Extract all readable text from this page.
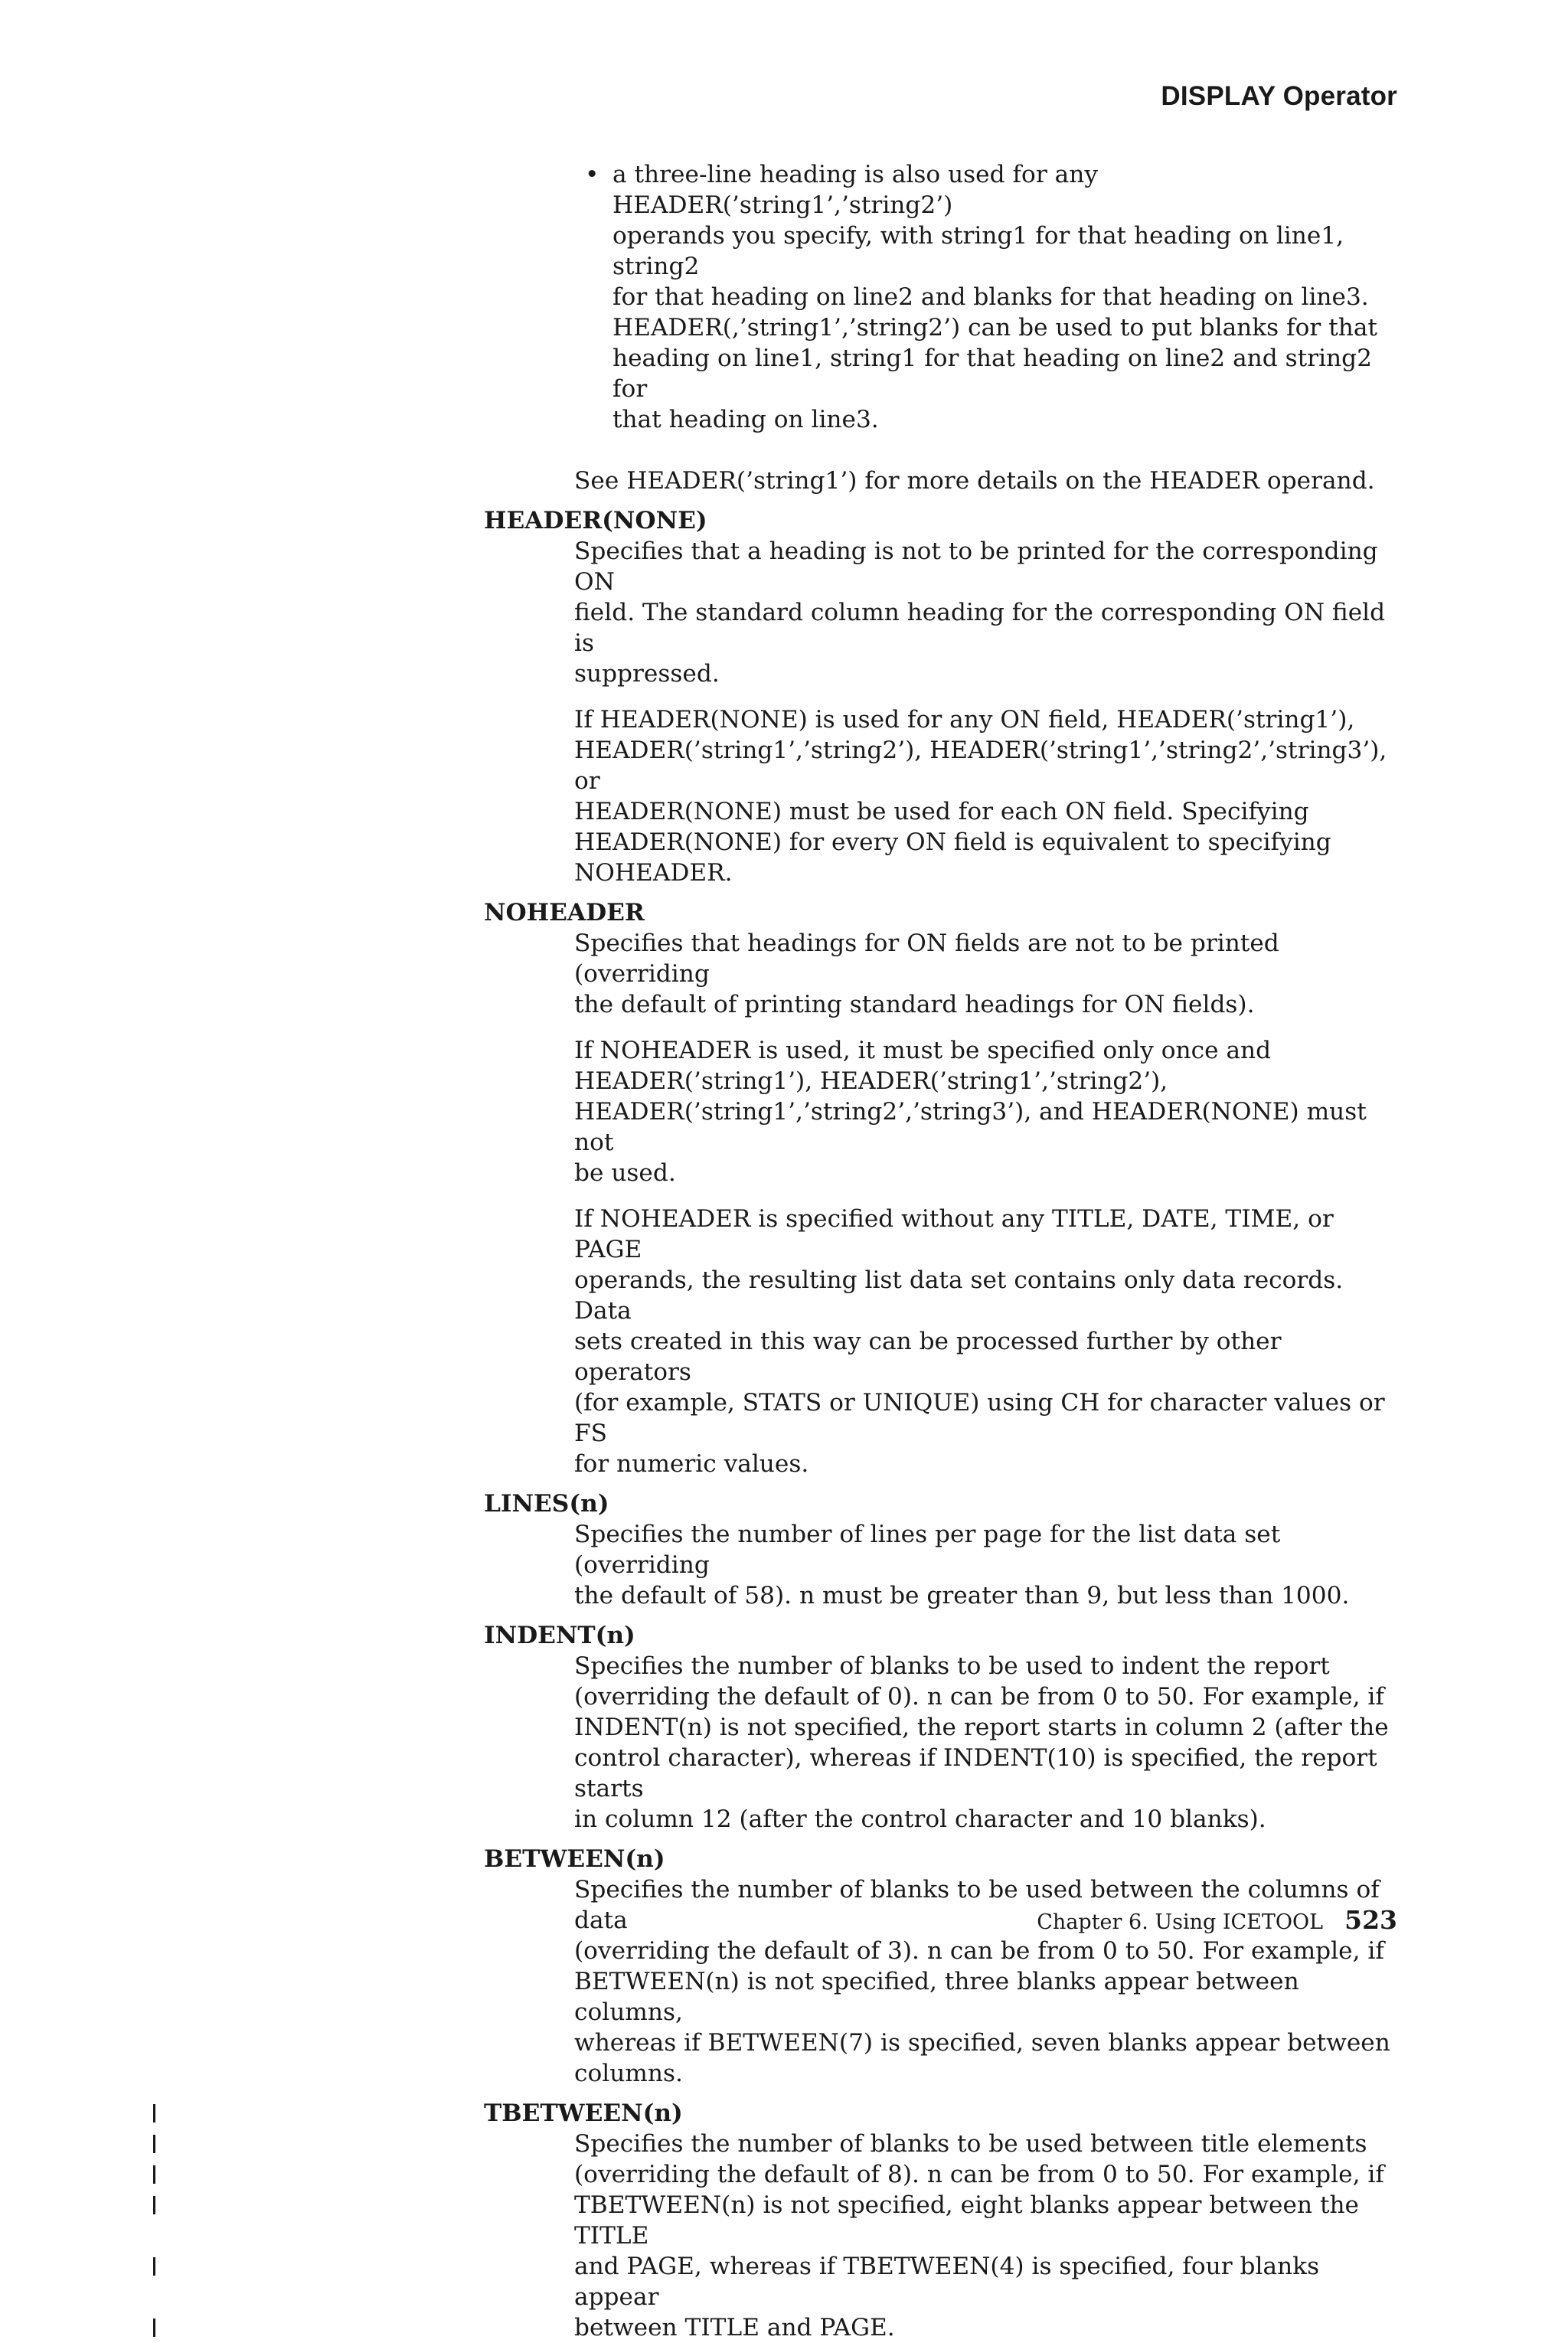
DISPLAY Operator
• a three-line heading is also used for any HEADER(’string1’,’string2’)
operands you specify, with string1 for that heading on line1, string2
for that heading on line2 and blanks for that heading on line3.
HEADER(,’string1’,’string2’) can be used to put blanks for that
heading on line1, string1 for that heading on line2 and string2 for
that heading on line3.

See HEADER(’string1’) for more details on the HEADER operand.

HEADER(NONE)
Specifies that a heading is not to be printed for the corresponding ON
field. The standard column heading for the corresponding ON field is
suppressed.
If HEADER(NONE) is used for any ON field, HEADER(’string1’),
HEADER(’string1’,’string2’), HEADER(’string1’,’string2’,’string3’), or
HEADER(NONE) must be used for each ON field. Specifying
HEADER(NONE) for every ON field is equivalent to specifying
NOHEADER.
NOHEADER
Specifies that headings for ON fields are not to be printed (overriding
the default of printing standard headings for ON fields).
If NOHEADER is used, it must be specified only once and
HEADER(’string1’), HEADER(’string1’,’string2’),
HEADER(’string1’,’string2’,’string3’), and HEADER(NONE) must not
be used.
If NOHEADER is specified without any TITLE, DATE, TIME, or PAGE
operands, the resulting list data set contains only data records. Data
sets created in this way can be processed further by other operators
(for example, STATS or UNIQUE) using CH for character values or FS
for numeric values.
LINES(n)
Specifies the number of lines per page for the list data set (overriding
the default of 58). n must be greater than 9, but less than 1000.
INDENT(n)
Specifies the number of blanks to be used to indent the report
(overriding the default of 0). n can be from 0 to 50. For example, if
INDENT(n) is not specified, the report starts in column 2 (after the
control character), whereas if INDENT(10) is specified, the report starts
in column 12 (after the control character and 10 blanks).
BETWEEN(n)
Specifies the number of blanks to be used between the columns of data
(overriding the default of 3). n can be from 0 to 50. For example, if
BETWEEN(n) is not specified, three blanks appear between columns,
whereas if BETWEEN(7) is specified, seven blanks appear between
columns.
TBETWEEN(n)
Specifies the number of blanks to be used between title elements
(overriding the default of 8). n can be from 0 to 50. For example, if
TBETWEEN(n) is not specified, eight blanks appear between the TITLE
and PAGE, whereas if TBETWEEN(4) is specified, four blanks appear
between TITLE and PAGE.
Chapter 6. Using ICETOOL 523
